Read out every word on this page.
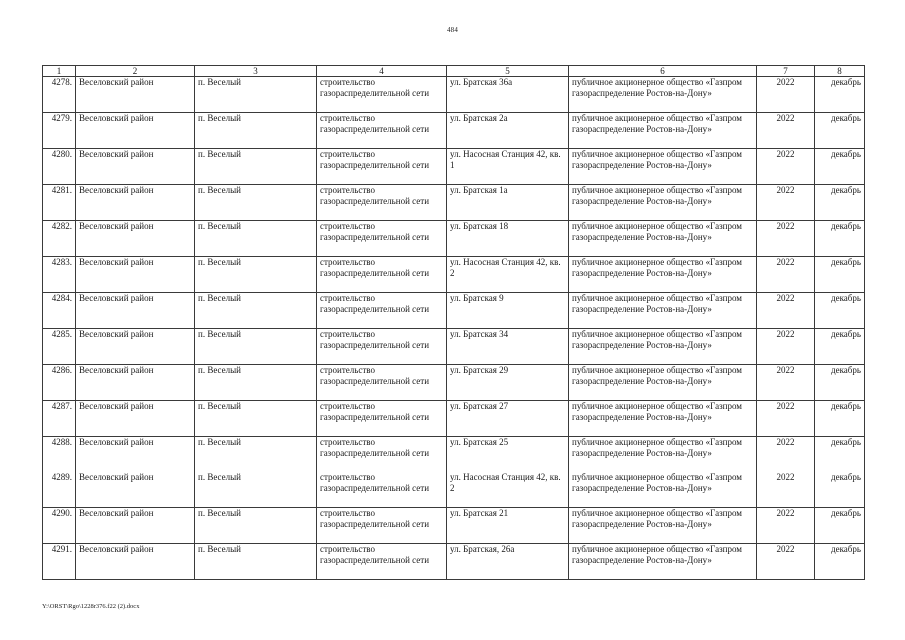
484
1	2	3	4	5	6	7	8
4278.	Веселовский район	п. Веселый	строительство газораспределительной сети	ул. Братская 36а	публичное акционерное общество «Газпром газораспределение Ростов-на-Дону»	2022	декабрь
4279.	Веселовский район	п. Веселый	строительство газораспределительной сети	ул. Братская 2а	публичное акционерное общество «Газпром газораспределение Ростов-на-Дону»	2022	декабрь
4280.	Веселовский район	п. Веселый	строительство газораспределительной сети	ул. Насосная Станция 42, кв. 1	публичное акционерное общество «Газпром газораспределение Ростов-на-Дону»	2022	декабрь
4281.	Веселовский район	п. Веселый	строительство газораспределительной сети	ул. Братская 1а	публичное акционерное общество «Газпром газораспределение Ростов-на-Дону»	2022	декабрь
4282.	Веселовский район	п. Веселый	строительство газораспределительной сети	ул. Братская 18	публичное акционерное общество «Газпром газораспределение Ростов-на-Дону»	2022	декабрь
4283.	Веселовский район	п. Веселый	строительство газораспределительной сети	ул. Насосная Станция 42, кв. 2	публичное акционерное общество «Газпром газораспределение Ростов-на-Дону»	2022	декабрь
4284.	Веселовский район	п. Веселый	строительство газораспределительной сети	ул. Братская 9	публичное акционерное общество «Газпром газораспределение Ростов-на-Дону»	2022	декабрь
4285.	Веселовский район	п. Веселый	строительство газораспределительной сети	ул. Братская 34	публичное акционерное общество «Газпром газораспределение Ростов-на-Дону»	2022	декабрь
4286.	Веселовский район	п. Веселый	строительство газораспределительной сети	ул. Братская 29	публичное акционерное общество «Газпром газораспределение Ростов-на-Дону»	2022	декабрь
4287.	Веселовский район	п. Веселый	строительство газораспределительной сети	ул. Братская 27	публичное акционерное общество «Газпром газораспределение Ростов-на-Дону»	2022	декабрь
4288.	Веселовский район	п. Веселый	строительство газораспределительной сети	ул. Братская 25	публичное акционерное общество «Газпром газораспределение Ростов-на-Дону»	2022	декабрь
4289.	Веселовский район	п. Веселый	строительство газораспределительной сети	ул. Насосная Станция 42, кв. 2	публичное акционерное общество «Газпром газораспределение Ростов-на-Дону»	2022	декабрь
4290.	Веселовский район	п. Веселый	строительство газораспределительной сети	ул. Братская 21	публичное акционерное общество «Газпром газораспределение Ростов-на-Дону»	2022	декабрь
4291.	Веселовский район	п. Веселый	строительство газораспределительной сети	ул. Братская, 26а	публичное акционерное общество «Газпром газораспределение Ростов-на-Дону»	2022	декабрь
Y:\ORST\Rgo\1228r376.f22 (2).docx
